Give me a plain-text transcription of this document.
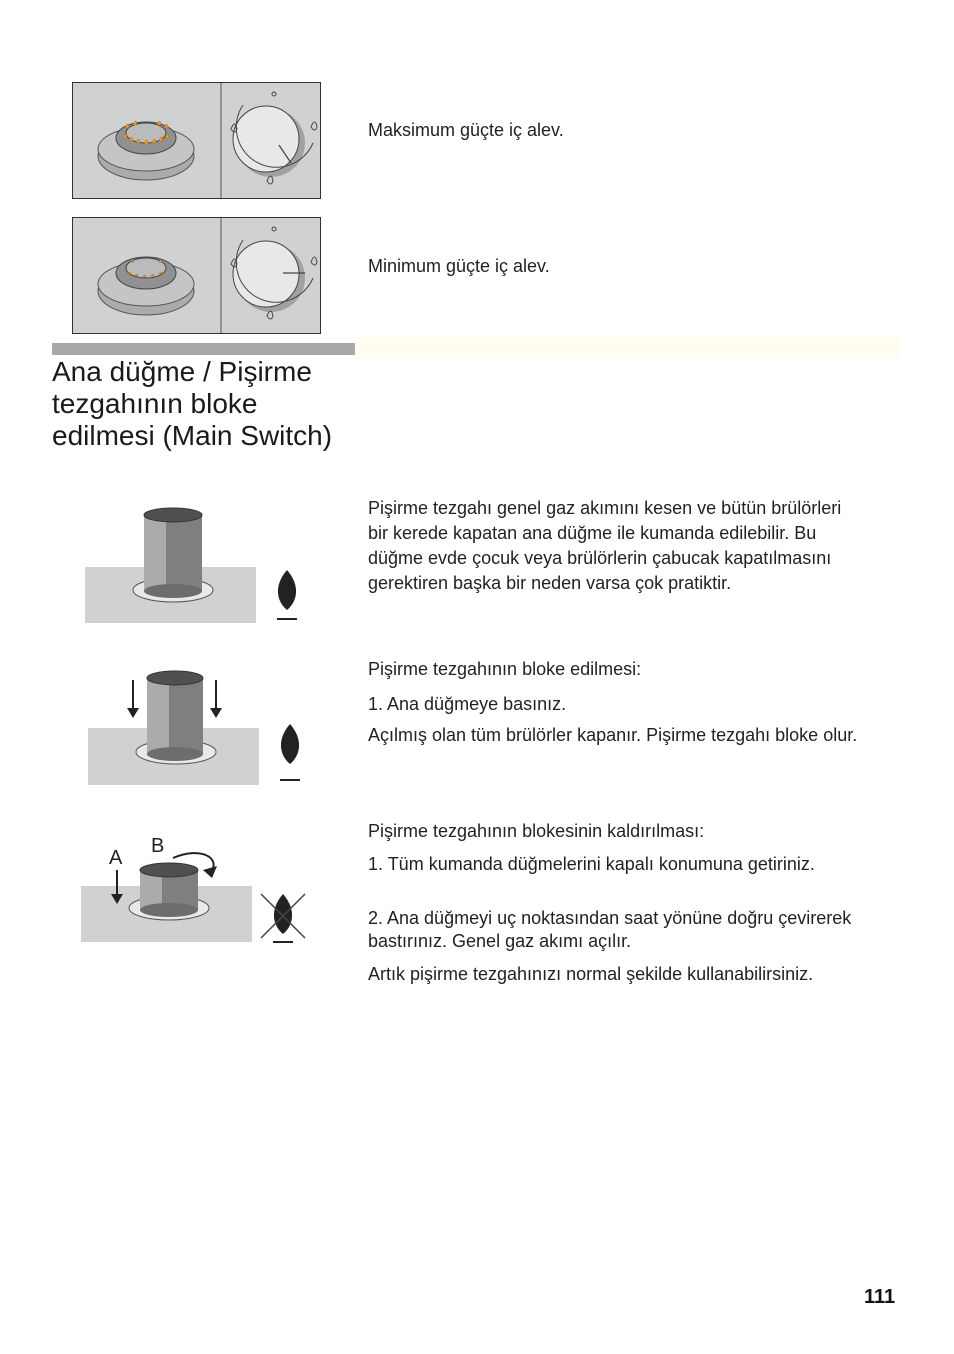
Maksimum güçte iç alev.
Minimum güçte iç alev.
Ana düğme / Pişirme tezgahının bloke edilmesi (Main Switch)
Pişirme tezgahı genel gaz akımını kesen ve bütün brülörleri bir kerede kapatan ana düğme ile kumanda edilebilir. Bu düğme evde çocuk veya brülörlerin çabucak kapatılmasını gerektiren başka bir neden varsa çok pratiktir.
Pişirme tezgahının bloke edilmesi:
1. Ana düğmeye basınız.
Açılmış olan tüm brülörler kapanır. Pişirme tezgahı bloke olur.
A
B
Pişirme tezgahının blokesinin kaldırılması:
1. Tüm kumanda düğmelerini kapalı konumuna getiriniz.
2. Ana düğmeyi uç noktasından saat yönüne doğru çevirerek bastırınız. Genel gaz akımı açılır.
Artık pişirme tezgahınızı normal şekilde kullanabilirsiniz.
111
